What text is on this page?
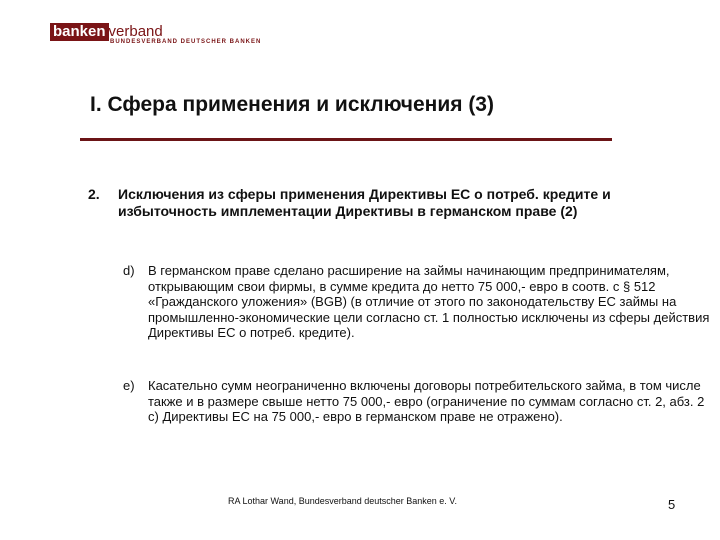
banken verband
BUNDESVERBAND DEUTSCHER BANKEN
I. Сфера применения и исключения (3)
2. Исключения из сферы применения Директивы ЕС о потреб. кредите и избыточность имплементации Директивы в германском праве (2)
d) В германском праве сделано расширение на займы начинающим предпринимателям, открывающим свои фирмы, в сумме кредита до нетто 75 000,- евро в соотв. с § 512 «Гражданского уложения» (BGB) (в отличие от этого по законодательству ЕС займы на промышленно-экономические цели согласно ст. 1 полностью исключены из сферы действия Директивы ЕС о потреб. кредите).
e) Касательно сумм неограниченно включены договоры потребительского займа, в том числе также и в размере свыше нетто 75 000,- евро (ограничение по суммам согласно ст. 2, абз. 2 с) Директивы ЕС на 75 000,- евро в германском праве не отражено).
RA Lothar Wand, Bundesverband deutscher Banken e. V.	5
